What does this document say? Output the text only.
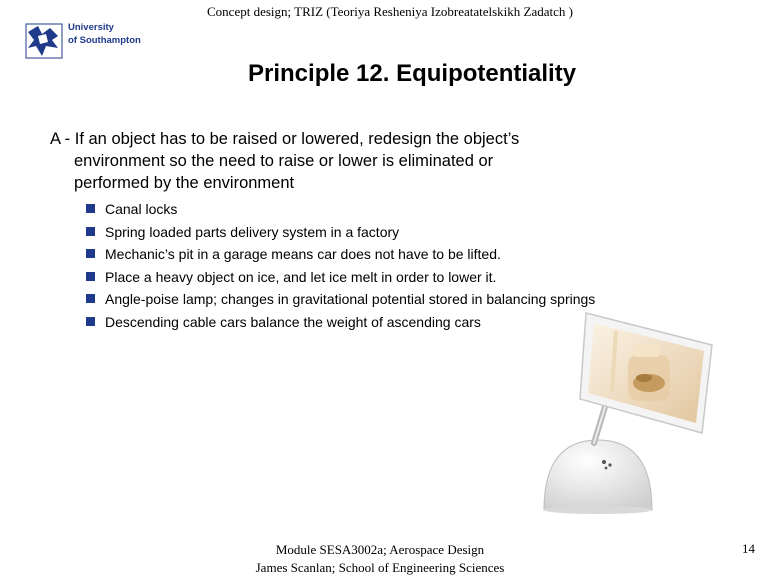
Concept design; TRIZ (Teoriya Resheniya Izobreatatelskikh Zadatch )
University
of Southampton
Principle 12. Equipotentiality
A - If an object has to be raised or lowered, redesign the object’s
environment so the need to raise or lower is eliminated or
performed by the environment
Canal locks
Spring loaded parts delivery system in a factory
Mechanic’s pit in a garage means car does not have to be lifted.
Place a heavy object on ice, and let ice melt in order to lower it.
Angle-poise lamp; changes in gravitational potential stored in balancing springs
Descending cable cars balance the weight of ascending cars
Module SESA3002a; Aerospace Design
James Scanlan; School of Engineering Sciences
14
